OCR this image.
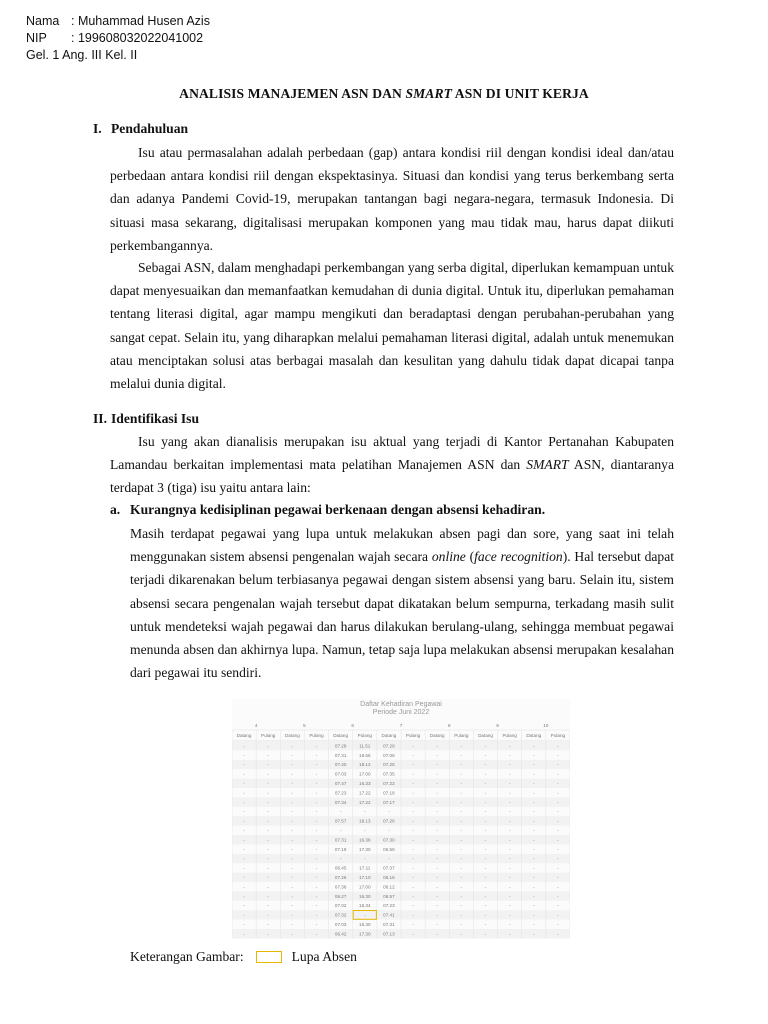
Nama : Muhammad Husen Azis
NIP	: 199608032022041002
Gel. 1 Ang. III Kel. II
ANALISIS MANAJEMEN ASN DAN SMART ASN DI UNIT KERJA
I. Pendahuluan

Isu atau permasalahan adalah perbedaan (gap) antara kondisi riil dengan kondisi ideal dan/atau perbedaan antara kondisi riil dengan ekspektasinya. Situasi dan kondisi yang terus berkembang serta dan adanya Pandemi Covid-19, merupakan tantangan bagi negara-negara, termasuk Indonesia. Di situasi masa sekarang, digitalisasi merupakan komponen yang mau tidak mau, harus dapat diikuti perkembangannya.

Sebagai ASN, dalam menghadapi perkembangan yang serba digital, diperlukan kemampuan untuk dapat menyesuaikan dan memanfaatkan kemudahan di dunia digital. Untuk itu, diperlukan pemahaman tentang literasi digital, agar mampu mengikuti dan beradaptasi dengan perubahan-perubahan yang sangat cepat. Selain itu, yang diharapkan melalui pemahaman literasi digital, adalah untuk menemukan atau menciptakan solusi atas berbagai masalah dan kesulitan yang dahulu tidak dapat dicapai tanpa melalui dunia digital.

II. Identifikasi Isu

Isu yang akan dianalisis merupakan isu aktual yang terjadi di Kantor Pertanahan Kabupaten Lamandau berkaitan implementasi mata pelatihan Manajemen ASN dan SMART ASN, diantaranya terdapat 3 (tiga) isu yaitu antara lain:

a. Kurangnya kedisiplinan pegawai berkenaan dengan absensi kehadiran.

Masih terdapat pegawai yang lupa untuk melakukan absen pagi dan sore, yang saat ini telah menggunakan sistem absensi pengenalan wajah secara online (face recognition). Hal tersebut dapat terjadi dikarenakan belum terbiasanya pegawai dengan sistem absensi yang baru. Selain itu, sistem absensi secara pengenalan wajah tersebut dapat dikatakan belum sempurna, terkadang masih sulit untuk mendeteksi wajah pegawai dan harus dilakukan berulang-ulang, sehingga membuat pegawai menunda absen dan akhirnya lupa. Namun, tetap saja lupa melakukan absensi merupakan kesalahan dari pegawai itu sendiri.

Daftar Kehadiran Pegawai
Periode Juni 2022
4	5	6	7	8	9	10
Datang Pulang Datang Pulang Datang Pulang Datang Pulang Datang Pulang Datang Pulang Datang Pulang
-	-	-	-	07.28	11.51	07.29	-	-	-	-	-	-	-
-	-	-	-	07.31	16.56	07.06	-	-	-	-	-	-	-
-	-	-	-	07.40	18.12	07.25	-	-	-	-	-	-	-
-	-	-	-	07.03	17.00	07.35	-	-	-	-	-	-	-
-	-	-	-	07.47	16.33	07.22	-	-	-	-	-	-	-
-	-	-	-	07.23	17.22	07.18	-	-	-	-	-	-	-
-	-	-	-	07.34	17.22	07.17	-	-	-	-	-	-	-
-	-	-	-	-	-	-	-	-	-	-	-	-	-
-	-	-	-	07.57	18.13	07.26	-	-	-	-	-	-	-
-	-	-	-	-	-	-	-	-	-	-	-	-	-
-	-	-	-	07.31	16.36	07.30	-	-	-	-	-	-	-
-	-	-	-	07.19	17.30	06.56	-	-	-	-	-	-	-
-	-	-	-	-	-	-	-	-	-	-	-	-	-
-	-	-	-	06.45	17.11	07.37	-	-	-	-	-	-	-
-	-	-	-	07.26	17.10	06.16	-	-	-	-	-	-	-
-	-	-	-	07.38	17.00	06.12	-	-	-	-	-	-	-
-	-	-	-	06.27	16.30	06.57	-	-	-	-	-	-	-
-	-	-	-	07.02	16.34	07.23	-	-	-	-	-	-	-
-	-	-	-	07.32	-	07.41	-	-	-	-	-	-	-
-	-	-	-	07.03	16.30	07.31	-	-	-	-	-	-	-
-	-	-	-	06.42	17.30	07.13	-	-	-	-	-	-	-
Keterangan Gambar:	Lupa Absen
